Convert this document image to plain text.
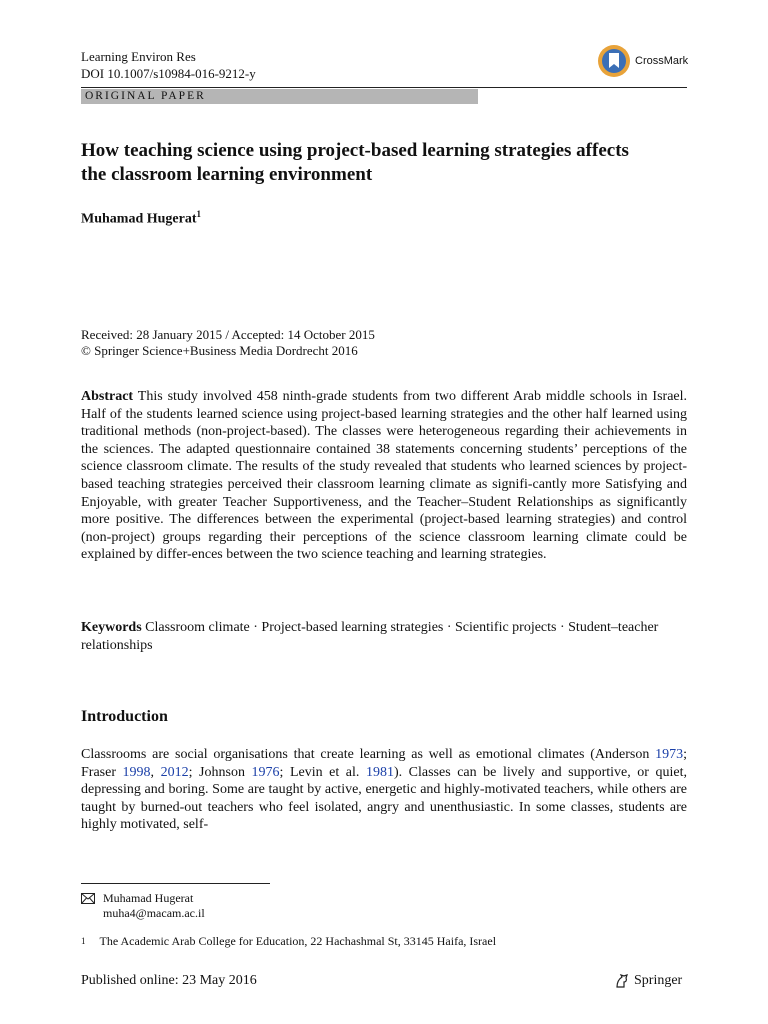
Learning Environ Res
DOI 10.1007/s10984-016-9212-y
CrossMark
ORIGINAL PAPER
How teaching science using project-based learning strategies affects the classroom learning environment
Muhamad Hugerat$^1$
Received: 28 January 2015 / Accepted: 14 October 2015
© Springer Science+Business Media Dordrecht 2016
Abstract This study involved 458 ninth-grade students from two different Arab middle schools in Israel. Half of the students learned science using project-based learning strategies and the other half learned using traditional methods (non-project-based). The classes were heterogeneous regarding their achievements in the sciences. The adapted questionnaire contained 38 statements concerning students’ perceptions of the science classroom climate. The results of the study revealed that students who learned sciences by project-based teaching strategies perceived their classroom learning climate as signifi-cantly more Satisfying and Enjoyable, with greater Teacher Supportiveness, and the Teacher–Student Relationships as significantly more positive. The differences between the experimental (project-based learning strategies) and control (non-project) groups regarding their perceptions of the science classroom learning climate could be explained by differ-ences between the two science teaching and learning strategies.
Keywords Classroom climate · Project-based learning strategies · Scientific projects · Student–teacher relationships
Introduction
Classrooms are social organisations that create learning as well as emotional climates (Anderson 1973; Fraser 1998, 2012; Johnson 1976; Levin et al. 1981). Classes can be lively and supportive, or quiet, depressing and boring. Some are taught by active, energetic and highly-motivated teachers, while others are taught by burned-out teachers who feel isolated, angry and unenthusiastic. In some classes, students are highly motivated, self-
Muhamad Hugerat
muha4@macam.ac.il
1 The Academic Arab College for Education, 22 Hachashmal St, 33145 Haifa, Israel
Published online: 23 May 2016	Springer
